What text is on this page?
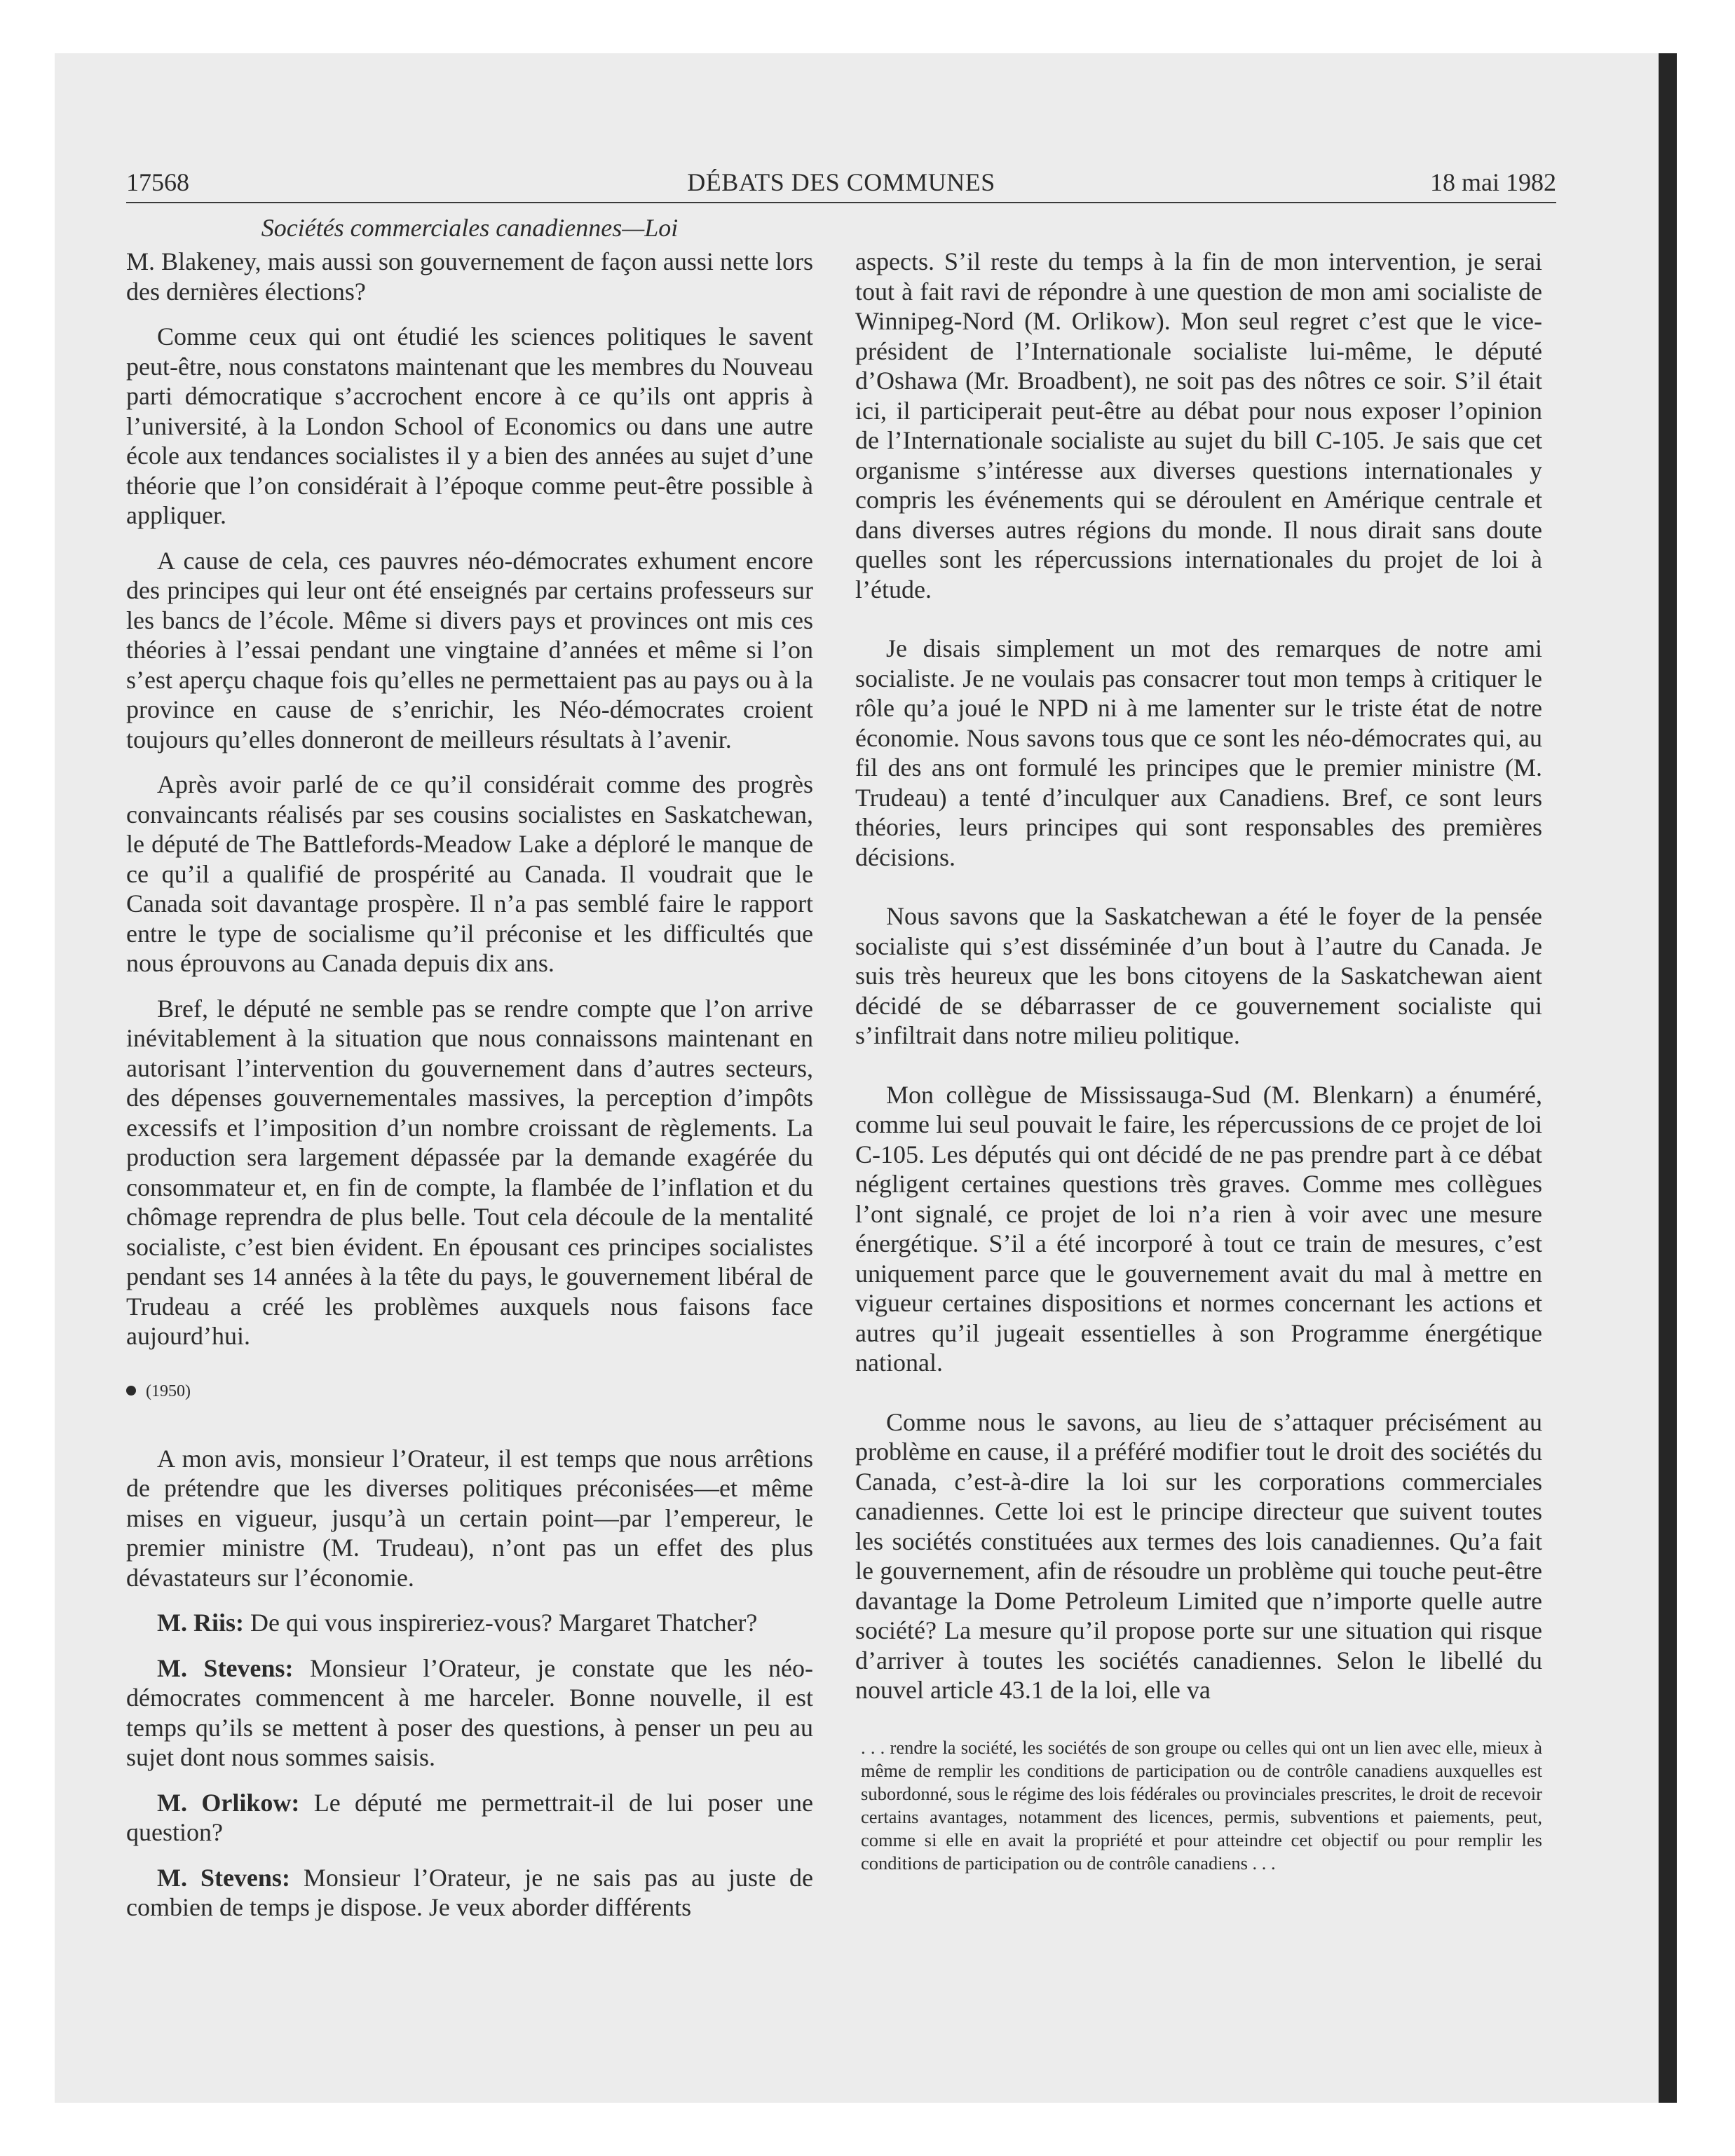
17568	DÉBATS DES COMMUNES	18 mai 1982
Sociétés commerciales canadiennes—Loi

M. Blakeney, mais aussi son gouvernement de façon aussi nette lors des dernières élections?

Comme ceux qui ont étudié les sciences politiques le savent peut-être, nous constatons maintenant que les membres du Nouveau parti démocratique s’accrochent encore à ce qu’ils ont appris à l’université, à la London School of Economics ou dans une autre école aux tendances socialistes il y a bien des années au sujet d’une théorie que l’on considérait à l’époque comme peut-être possible à appliquer.

A cause de cela, ces pauvres néo-démocrates exhument encore des principes qui leur ont été enseignés par certains professeurs sur les bancs de l’école. Même si divers pays et provinces ont mis ces théories à l’essai pendant une vingtaine d’années et même si l’on s’est aperçu chaque fois qu’elles ne permettaient pas au pays ou à la province en cause de s’enrichir, les Néo-démocrates croient toujours qu’elles donneront de meilleurs résultats à l’avenir.

Après avoir parlé de ce qu’il considérait comme des progrès convaincants réalisés par ses cousins socialistes en Saskatchewan, le député de The Battlefords-Meadow Lake a déploré le manque de ce qu’il a qualifié de prospérité au Canada. Il voudrait que le Canada soit davantage prospère. Il n’a pas semblé faire le rapport entre le type de socialisme qu’il préconise et les difficultés que nous éprouvons au Canada depuis dix ans.

Bref, le député ne semble pas se rendre compte que l’on arrive inévitablement à la situation que nous connaissons maintenant en autorisant l’intervention du gouvernement dans d’autres secteurs, des dépenses gouvernementales massives, la perception d’impôts excessifs et l’imposition d’un nombre croissant de règlements. La production sera largement dépassée par la demande exagérée du consommateur et, en fin de compte, la flambée de l’inflation et du chômage reprendra de plus belle. Tout cela découle de la mentalité socialiste, c’est bien évident. En épousant ces principes socialistes pendant ses 14 années à la tête du pays, le gouvernement libéral de Trudeau a créé les problèmes auxquels nous faisons face aujourd’hui.

(1950)

A mon avis, monsieur l’Orateur, il est temps que nous arrêtions de prétendre que les diverses politiques préconisées—et même mises en vigueur, jusqu’à un certain point—par l’empereur, le premier ministre (M. Trudeau), n’ont pas un effet des plus dévastateurs sur l’économie.

M. Riis: De qui vous inspireriez-vous? Margaret Thatcher?

M. Stevens: Monsieur l’Orateur, je constate que les néo-démocrates commencent à me harceler. Bonne nouvelle, il est temps qu’ils se mettent à poser des questions, à penser un peu au sujet dont nous sommes saisis.

M. Orlikow: Le député me permettrait-il de lui poser une question?

M. Stevens: Monsieur l’Orateur, je ne sais pas au juste de combien de temps je dispose. Je veux aborder différents

aspects. S’il reste du temps à la fin de mon intervention, je serai tout à fait ravi de répondre à une question de mon ami socialiste de Winnipeg-Nord (M. Orlikow). Mon seul regret c’est que le vice-président de l’Internationale socialiste lui-même, le député d’Oshawa (Mr. Broadbent), ne soit pas des nôtres ce soir. S’il était ici, il participerait peut-être au débat pour nous exposer l’opinion de l’Internationale socialiste au sujet du bill C-105. Je sais que cet organisme s’intéresse aux diverses questions internationales y compris les événements qui se déroulent en Amérique centrale et dans diverses autres régions du monde. Il nous dirait sans doute quelles sont les répercussions internationales du projet de loi à l’étude.

Je disais simplement un mot des remarques de notre ami socialiste. Je ne voulais pas consacrer tout mon temps à critiquer le rôle qu’a joué le NPD ni à me lamenter sur le triste état de notre économie. Nous savons tous que ce sont les néo-démocrates qui, au fil des ans ont formulé les principes que le premier ministre (M. Trudeau) a tenté d’inculquer aux Canadiens. Bref, ce sont leurs théories, leurs principes qui sont responsables des premières décisions.

Nous savons que la Saskatchewan a été le foyer de la pensée socialiste qui s’est disséminée d’un bout à l’autre du Canada. Je suis très heureux que les bons citoyens de la Saskatchewan aient décidé de se débarrasser de ce gouvernement socialiste qui s’infiltrait dans notre milieu politique.

Mon collègue de Mississauga-Sud (M. Blenkarn) a énuméré, comme lui seul pouvait le faire, les répercussions de ce projet de loi C-105. Les députés qui ont décidé de ne pas prendre part à ce débat négligent certaines questions très graves. Comme mes collègues l’ont signalé, ce projet de loi n’a rien à voir avec une mesure énergétique. S’il a été incorporé à tout ce train de mesures, c’est uniquement parce que le gouvernement avait du mal à mettre en vigueur certaines dispositions et normes concernant les actions et autres qu’il jugeait essentielles à son Programme énergétique national.

Comme nous le savons, au lieu de s’attaquer précisément au problème en cause, il a préféré modifier tout le droit des sociétés du Canada, c’est-à-dire la loi sur les corporations commerciales canadiennes. Cette loi est le principe directeur que suivent toutes les sociétés constituées aux termes des lois canadiennes. Qu’a fait le gouvernement, afin de résoudre un problème qui touche peut-être davantage la Dome Petroleum Limited que n’importe quelle autre société? La mesure qu’il propose porte sur une situation qui risque d’arriver à toutes les sociétés canadiennes. Selon le libellé du nouvel article 43.1 de la loi, elle va

. . . rendre la société, les sociétés de son groupe ou celles qui ont un lien avec elle, mieux à même de remplir les conditions de participation ou de contrôle canadiens auxquelles est subordonné, sous le régime des lois fédérales ou provinciales prescrites, le droit de recevoir certains avantages, notamment des licences, permis, subventions et paiements, peut, comme si elle en avait la propriété et pour atteindre cet objectif ou pour remplir les conditions de participation ou de contrôle canadiens . . .
